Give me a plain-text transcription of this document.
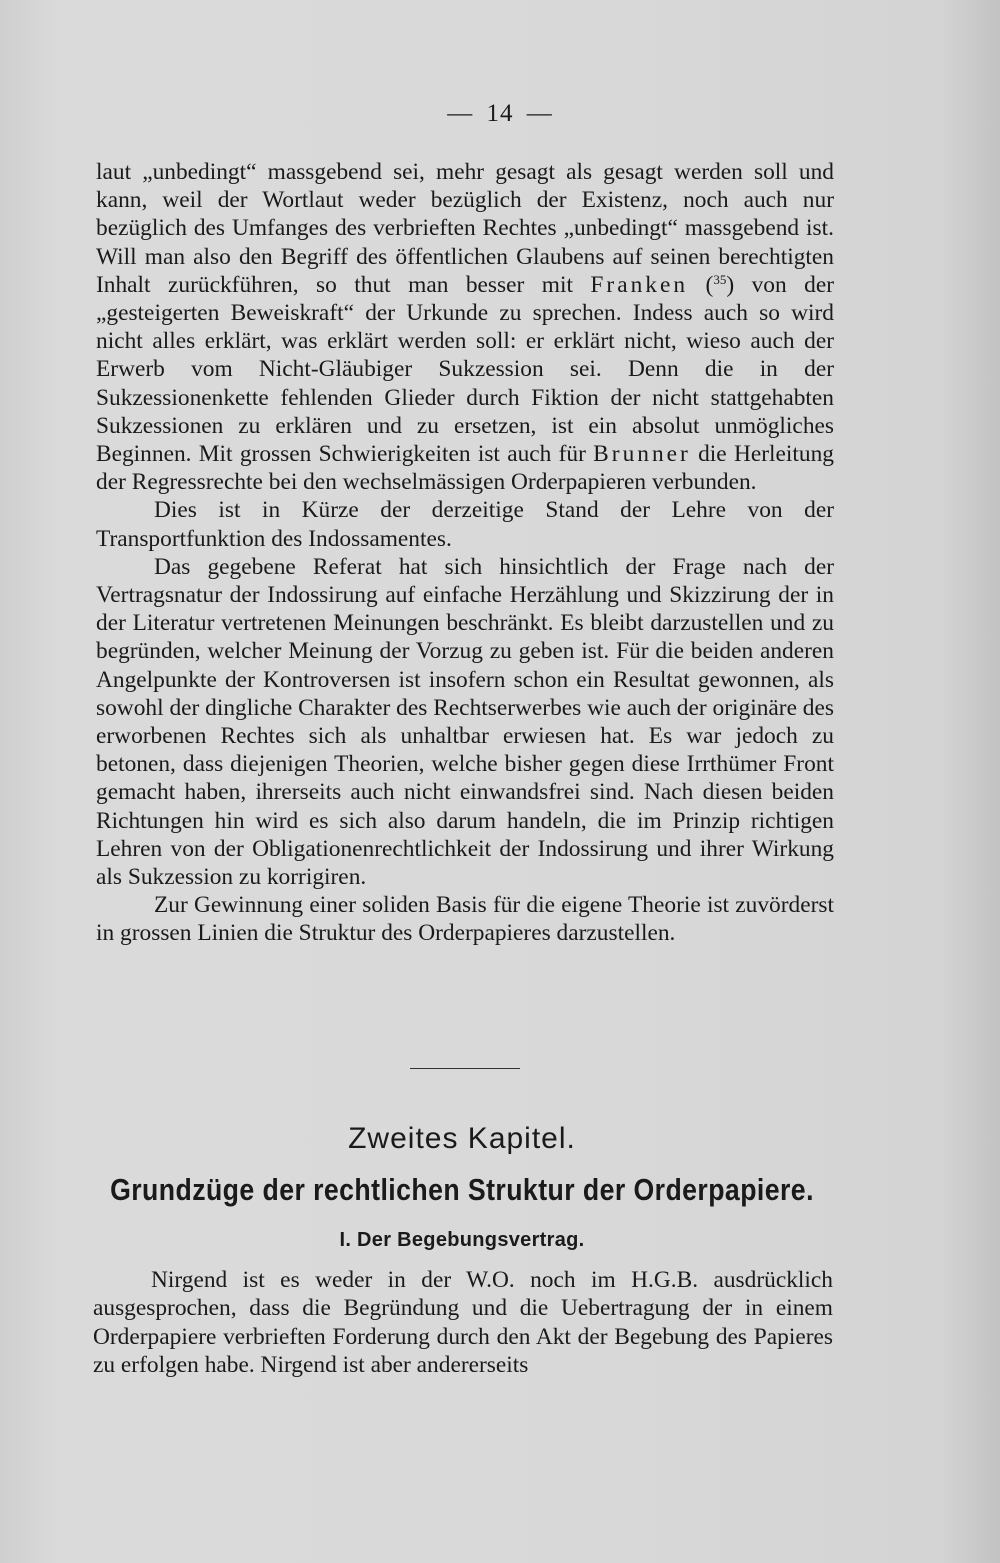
— 14 —

laut „unbedingt“ massgebend sei, mehr gesagt als gesagt werden soll und kann, weil der Wortlaut weder bezüglich der Existenz, noch auch nur bezüglich des Umfanges des verbrieften Rechtes „unbedingt“ massgebend ist. Will man also den Begriff des öffentlichen Glaubens auf seinen berechtigten Inhalt zurückführen, so thut man besser mit Franken ($^{35}$) von der „gesteigerten Beweiskraft“ der Urkunde zu sprechen. Indess auch so wird nicht alles erklärt, was erklärt werden soll: er erklärt nicht, wieso auch der Erwerb vom Nicht-Gläubiger Sukzession sei. Denn die in der Sukzessionenkette fehlenden Glieder durch Fiktion der nicht stattgehabten Sukzessionen zu erklären und zu ersetzen, ist ein absolut unmögliches Beginnen. Mit grossen Schwierigkeiten ist auch für Brunner die Herleitung der Regressrechte bei den wechselmässigen Orderpapieren verbunden.

Dies ist in Kürze der derzeitige Stand der Lehre von der Transportfunktion des Indossamentes.

Das gegebene Referat hat sich hinsichtlich der Frage nach der Vertragsnatur der Indossirung auf einfache Herzählung und Skizzirung der in der Literatur vertretenen Meinungen beschränkt. Es bleibt darzustellen und zu begründen, welcher Meinung der Vorzug zu geben ist. Für die beiden anderen Angelpunkte der Kontroversen ist insofern schon ein Resultat gewonnen, als sowohl der dingliche Charakter des Rechtserwerbes wie auch der originäre des erworbenen Rechtes sich als unhaltbar erwiesen hat. Es war jedoch zu betonen, dass diejenigen Theorien, welche bisher gegen diese Irrthümer Front gemacht haben, ihrerseits auch nicht einwandsfrei sind. Nach diesen beiden Richtungen hin wird es sich also darum handeln, die im Prinzip richtigen Lehren von der Obligationenrechtlichkeit der Indossirung und ihrer Wirkung als Sukzession zu korrigiren.

Zur Gewinnung einer soliden Basis für die eigene Theorie ist zuvörderst in grossen Linien die Struktur des Orderpapieres darzustellen.

Zweites Kapitel.
Grundzüge der rechtlichen Struktur der Orderpapiere.
I. Der Begebungsvertrag.

Nirgend ist es weder in der W.O. noch im H.G.B. ausdrücklich ausgesprochen, dass die Begründung und die Uebertragung der in einem Orderpapiere verbrieften Forderung durch den Akt der Begebung des Papieres zu erfolgen habe. Nirgend ist aber andererseits
